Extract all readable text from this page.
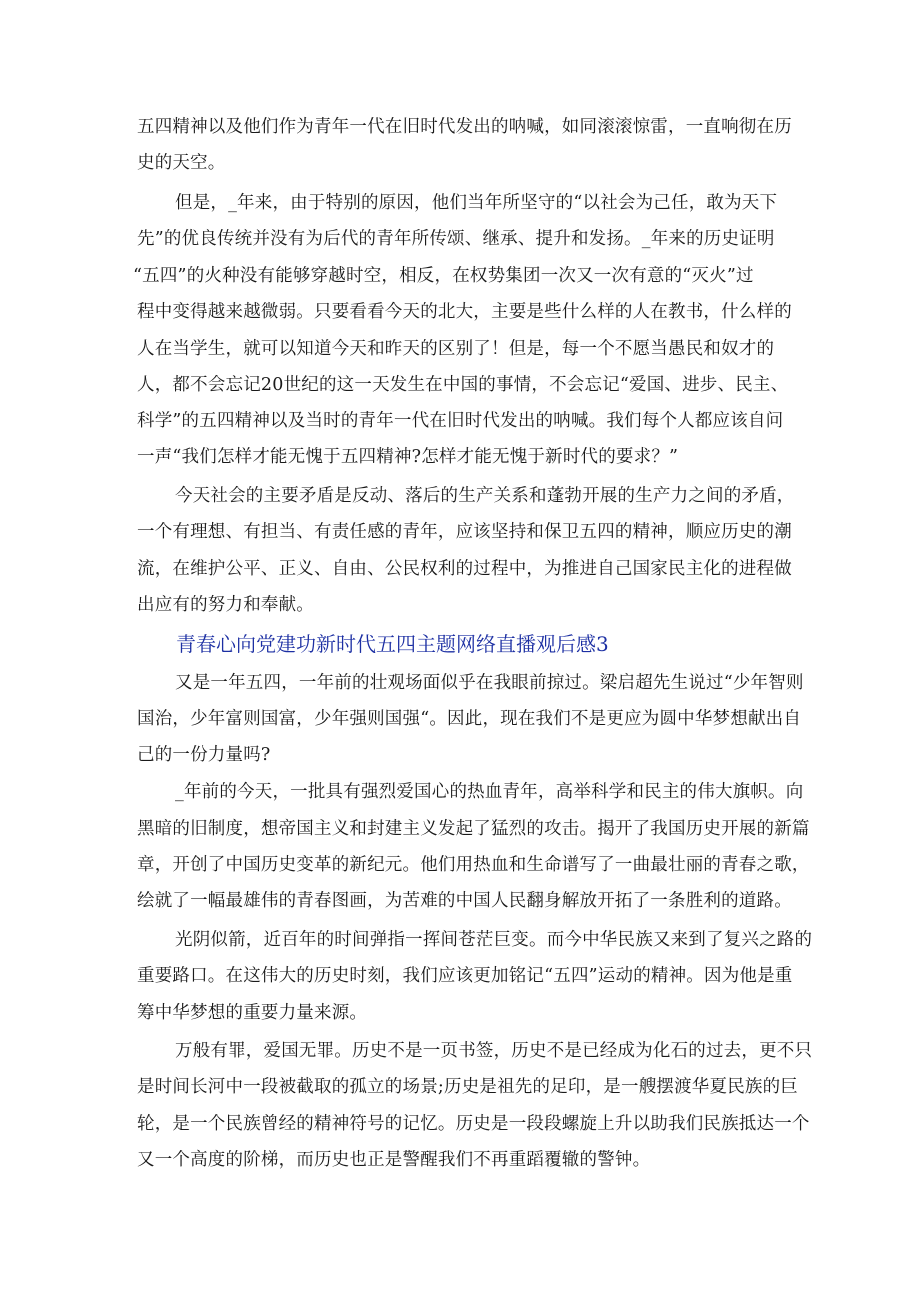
五四精神以及他们作为青年一代在旧时代发出的呐喊，如同滚滚惊雷，一直响彻在历
史的天空。
但是，_年来，由于特别的原因，他们当年所坚守的“以社会为己任，敢为天下
先”的优良传统并没有为后代的青年所传颂、继承、提升和发扬。_年来的历史证明
“五四”的火种没有能够穿越时空，相反，在权势集团一次又一次有意的“灭火”过
程中变得越来越微弱。只要看看今天的北大，主要是些什么样的人在教书，什么样的
人在当学生，就可以知道今天和昨天的区别了！但是，每一个不愿当愚民和奴才的
人，都不会忘记20世纪的这一天发生在中国的事情，不会忘记“爱国、进步、民主、
科学”的五四精神以及当时的青年一代在旧时代发出的呐喊。我们每个人都应该自问
一声“我们怎样才能无愧于五四精神?怎样才能无愧于新时代的要求？”
今天社会的主要矛盾是反动、落后的生产关系和蓬勃开展的生产力之间的矛盾，
一个有理想、有担当、有责任感的青年，应该坚持和保卫五四的精神，顺应历史的潮
流，在维护公平、正义、自由、公民权利的过程中，为推进自己国家民主化的进程做
出应有的努力和奉献。
青春心向党建功新时代五四主题网络直播观后感3
又是一年五四，一年前的壮观场面似乎在我眼前掠过。梁启超先生说过“少年智则
国治，少年富则国富，少年强则国强“。因此，现在我们不是更应为圆中华梦想献出自
己的一份力量吗?
_年前的今天，一批具有强烈爱国心的热血青年，高举科学和民主的伟大旗帜。向
黑暗的旧制度，想帝国主义和封建主义发起了猛烈的攻击。揭开了我国历史开展的新篇
章，开创了中国历史变革的新纪元。他们用热血和生命谱写了一曲最壮丽的青春之歌，
绘就了一幅最雄伟的青春图画，为苦难的中国人民翻身解放开拓了一条胜利的道路。
光阴似箭，近百年的时间弹指一挥间苍茫巨变。而今中华民族又来到了复兴之路的
重要路口。在这伟大的历史时刻，我们应该更加铭记“五四”运动的精神。因为他是重
筹中华梦想的重要力量来源。
万般有罪，爱国无罪。历史不是一页书签，历史不是已经成为化石的过去，更不只
是时间长河中一段被截取的孤立的场景;历史是祖先的足印，是一艘摆渡华夏民族的巨
轮，是一个民族曾经的精神符号的记忆。历史是一段段螺旋上升以助我们民族抵达一个
又一个高度的阶梯，而历史也正是警醒我们不再重蹈覆辙的警钟。
